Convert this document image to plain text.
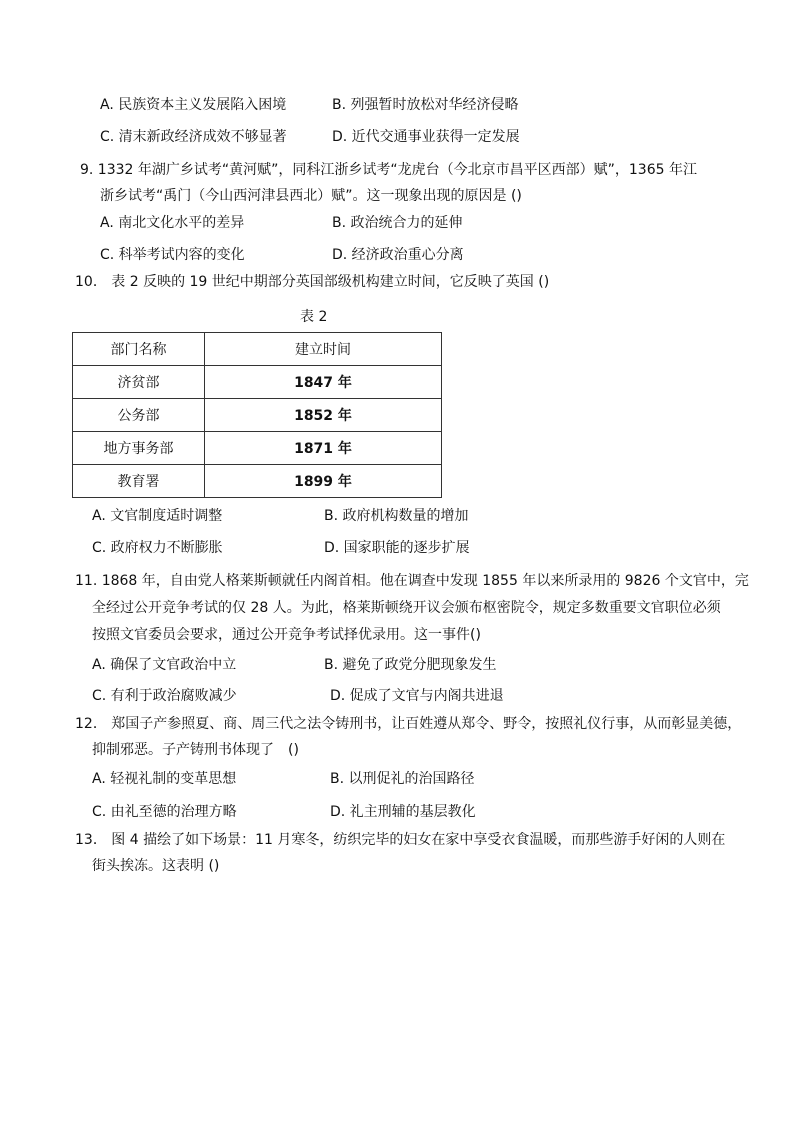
A. 民族资本主义发展陷入困境	B. 列强暂时放松对华经济侵略
C. 清末新政经济成效不够显著	D. 近代交通事业获得一定发展
9. 1332 年湖广乡试考“黄河赋”，同科江浙乡试考“龙虎台（今北京市昌平区西部）赋”，1365 年江
浙乡试考“禹门（今山西河津县西北）赋”。这一现象出现的原因是 ()
A. 南北文化水平的差异	B. 政治统合力的延伸
C. 科举考试内容的变化	D. 经济政治重心分离
10． 表 2 反映的 19 世纪中期部分英国部级机构建立时间，它反映了英国 ()
表 2
部门名称	建立时间
济贫部	1847 年
公务部	1852 年
地方事务部	1871 年
教育署	1899 年
A. 文官制度适时调整	B. 政府机构数量的增加
C. 政府权力不断膨胀	D. 国家职能的逐步扩展
11. 1868 年，自由党人格莱斯顿就任内阁首相。他在调查中发现 1855 年以来所录用的 9826 个文官中，完
全经过公开竞争考试的仅 28 人。为此，格莱斯顿绕开议会颁布枢密院令，规定多数重要文官职位必须
按照文官委员会要求，通过公开竞争考试择优录用。这一事件()
A. 确保了文官政治中立	B. 避免了政党分肥现象发生
C. 有利于政治腐败减少	D. 促成了文官与内阁共进退
12． 郑国子产参照夏、商、周三代之法令铸刑书，让百姓遵从郑令、野令，按照礼仪行事，从而彰显美德，
抑制邪恶。子产铸刑书体现了　()
A. 轻视礼制的变革思想	B. 以刑促礼的治国路径
C. 由礼至德的治理方略	D. 礼主刑辅的基层教化
13． 图 4 描绘了如下场景：11 月寒冬，纺织完毕的妇女在家中享受衣食温暖，而那些游手好闲的人则在
街头挨冻。这表明 ()
